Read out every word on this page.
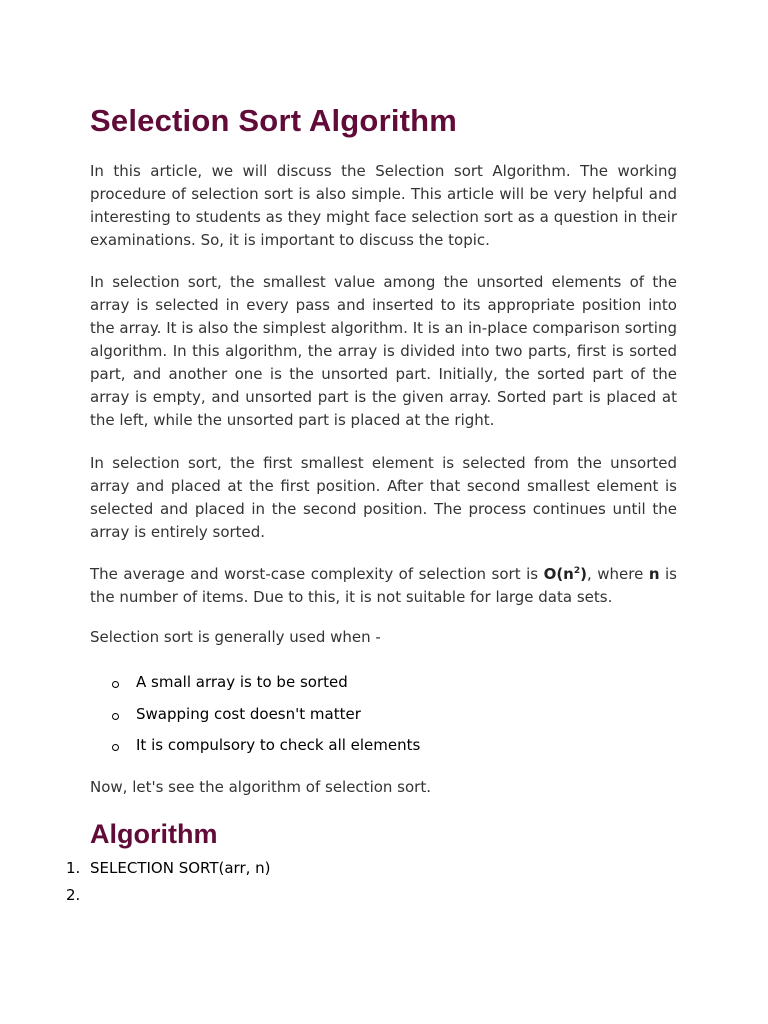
Selection Sort Algorithm

In this article, we will discuss the Selection sort Algorithm. The working procedure of selection sort is also simple. This article will be very helpful and interesting to students as they might face selection sort as a question in their examinations. So, it is important to discuss the topic.

In selection sort, the smallest value among the unsorted elements of the array is selected in every pass and inserted to its appropriate position into the array. It is also the simplest algorithm. It is an in-place comparison sorting algorithm. In this algorithm, the array is divided into two parts, first is sorted part, and another one is the unsorted part. Initially, the sorted part of the array is empty, and unsorted part is the given array. Sorted part is placed at the left, while the unsorted part is placed at the right.

In selection sort, the first smallest element is selected from the unsorted array and placed at the first position. After that second smallest element is selected and placed in the second position. The process continues until the array is entirely sorted.

The average and worst-case complexity of selection sort is $O(n^2)$, where n is the number of items. Due to this, it is not suitable for large data sets.

Selection sort is generally used when -

A small array is to be sorted
Swapping cost doesn't matter
It is compulsory to check all elements

Now, let's see the algorithm of selection sort.

Algorithm
1. SELECTION SORT(arr, n)
2.
